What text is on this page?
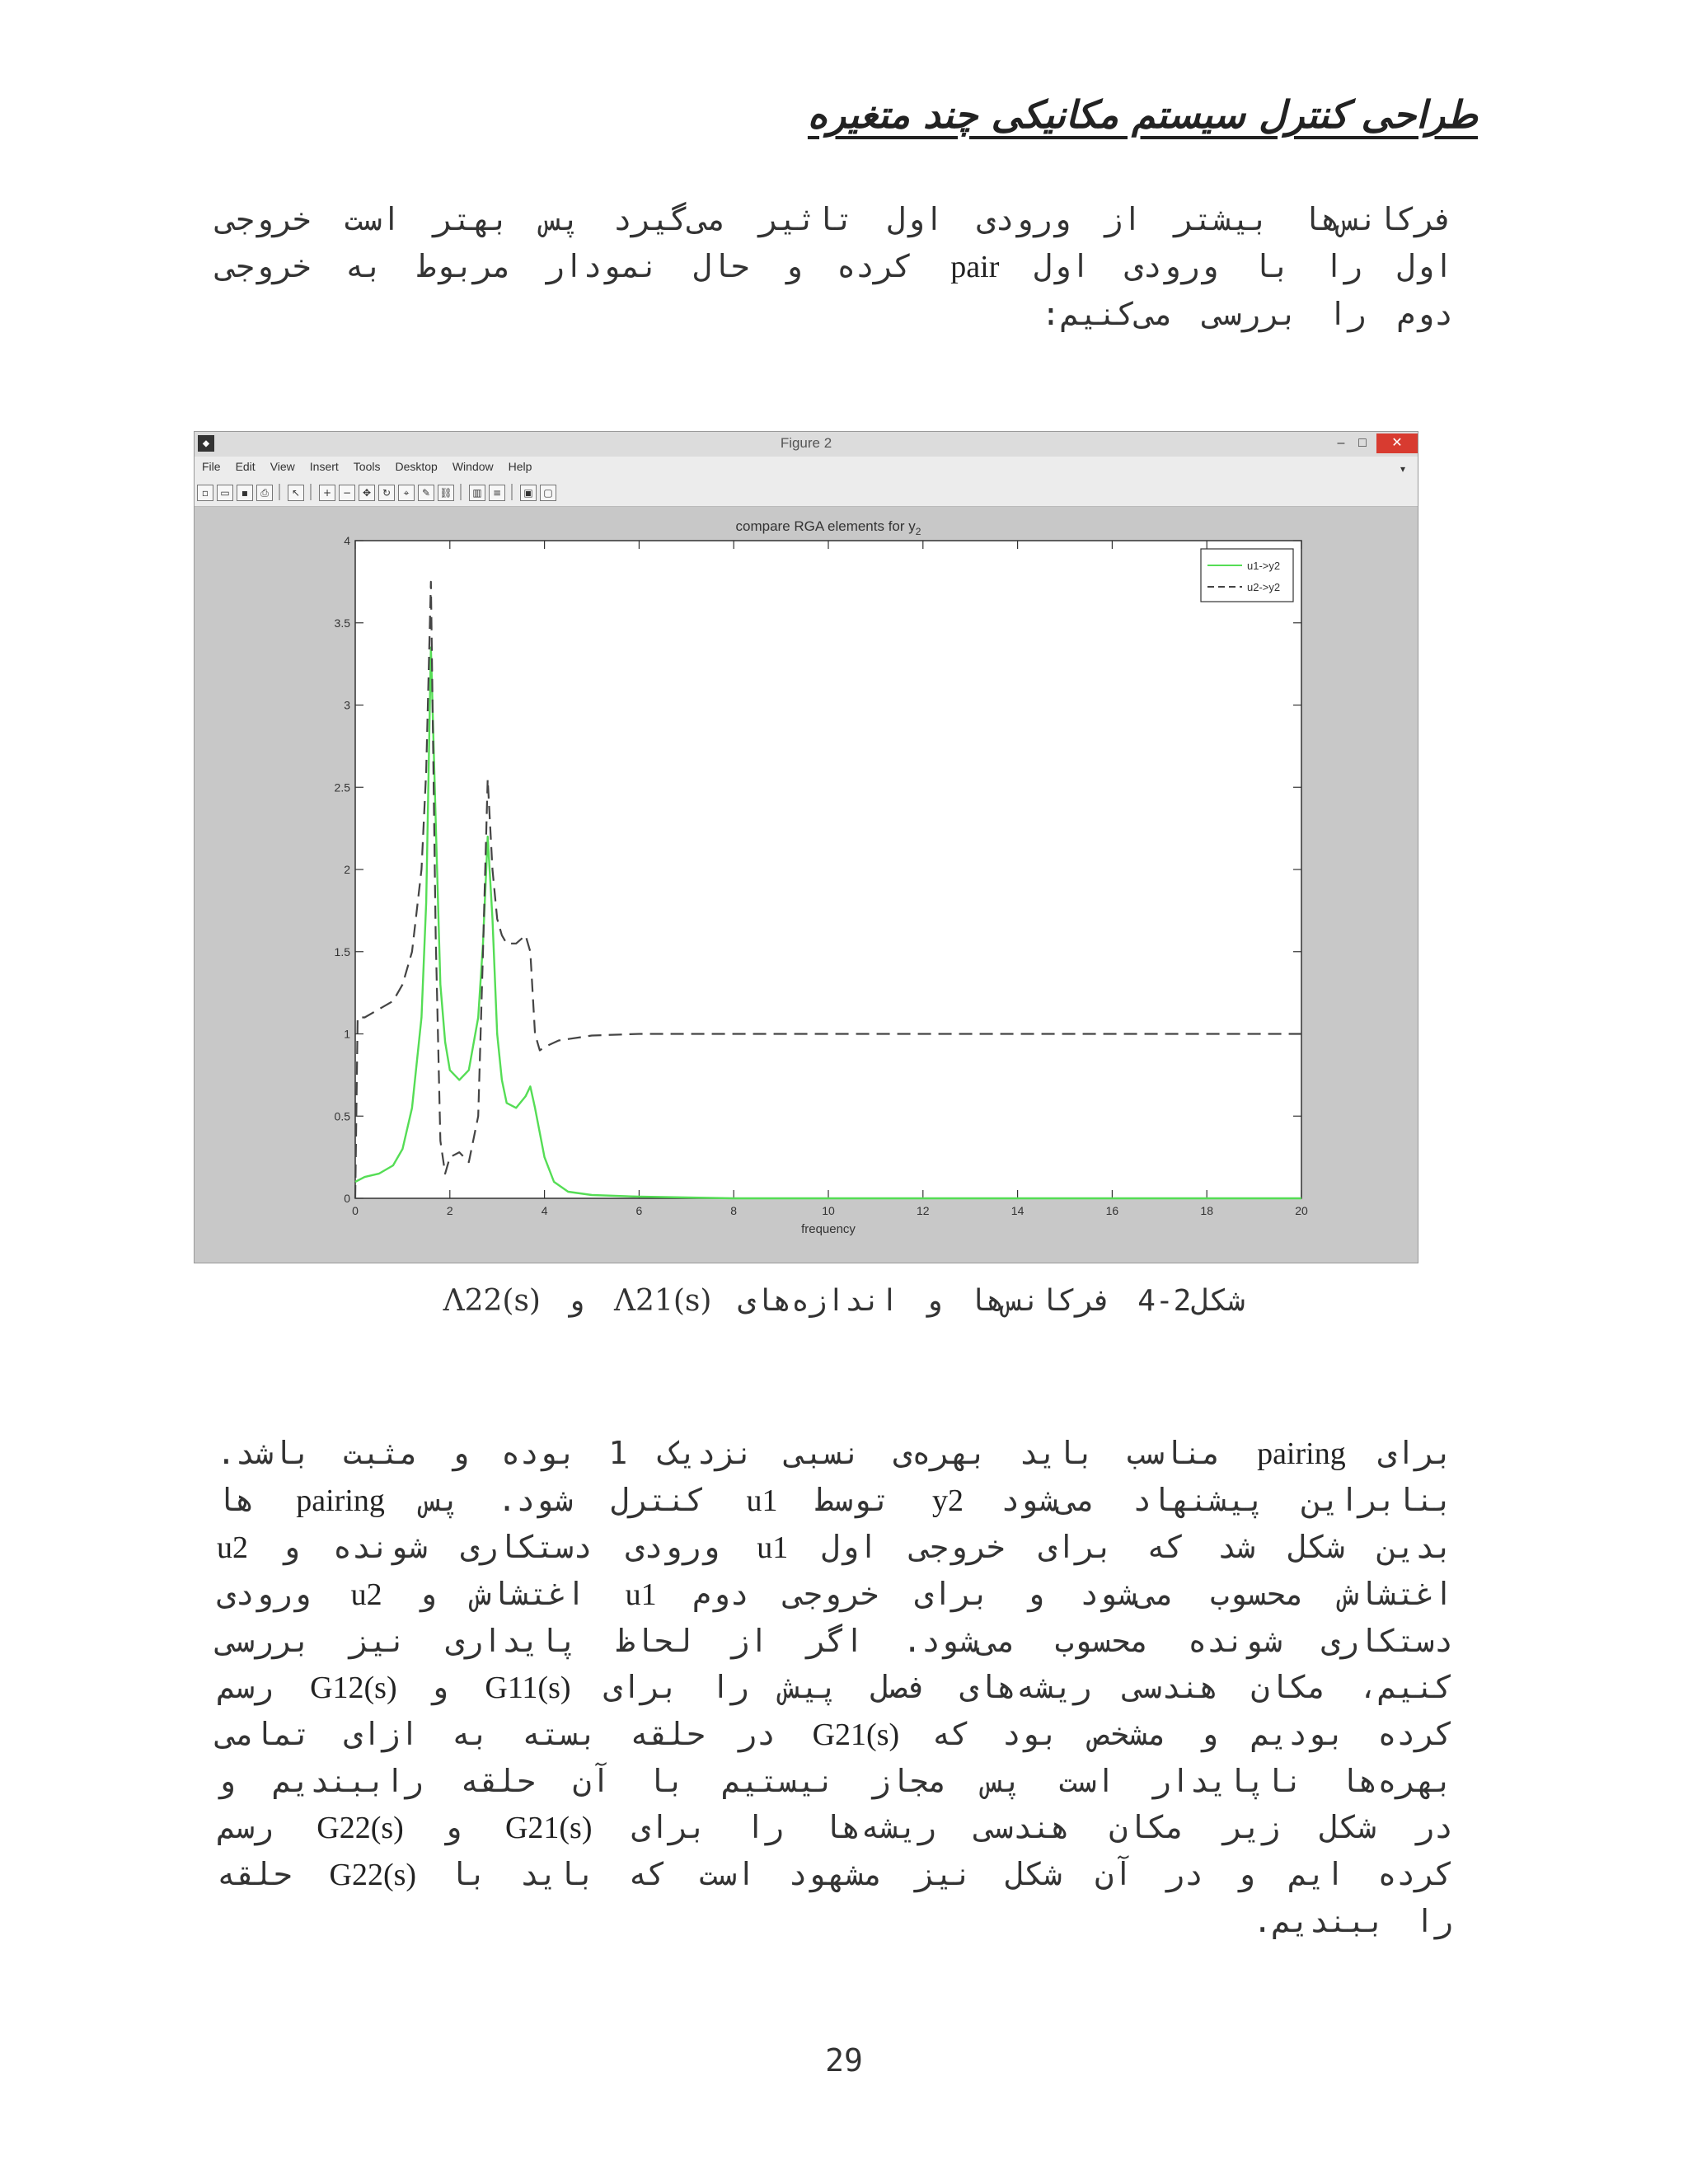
طراحی کنترل سیستم مکانیکی چند متغیره
فرکانس‌ها بیشتر از ورودی اول تاثیر می‌گیرد پس بهتر است خروجی اول را با ورودی اول pair کرده و حال نمودار مربوط به خروجی دوم را بررسی می‌کنیم:
◆	Figure 2	–	□	✕
File Edit View Insert Tools Desktop Window Help	▾
▫ ▭ ▪ ⎙ ↖ + − ✥ ↻ ⌖ ✎ ⛓ ▥ ≡ ▣ ▢
compare RGA elements for $y_2$
0	2	4	6	8	10	12	14	16	18	20
0
0.5
1
1.5
2
2.5
3
3.5
4
frequency
u1->y2
u2->y2
شکل2-4 فرکانس‌ها و اندازه‌های Λ21(s) و Λ22(s)
برای pairing مناسب باید بهره‌ی نسبی نزدیک 1 بوده و مثبت باشد. بنابراین پیشنهاد می‌شود y2 توسط u1 کنترل شود. پس pairing ها بدین شکل شد که برای خروجی اول u1 ورودی دستکاری شونده و u2 اغتشاش محسوب می‌شود و برای خروجی دوم u1 اغتشاش و u2 ورودی دستکاری شونده محسوب می‌شود. اگر از لحاظ پایداری نیز بررسی کنیم، مکان هندسی ریشه‌های فصل پیش را برای G11(s) و G12(s) رسم کرده بودیم و مشخص بود که G21(s) در حلقه بسته به ازای تمامی بهره‌ها ناپایدار است پس مجاز نیستیم با آن حلقه راببندیم و در شکل زیر مکان هندسی ریشه‌ها را برای G21(s) و G22(s) رسم کرده ایم و در آن شکل نیز مشهود است که باید با G22(s) حلقه را ببندیم.
29
